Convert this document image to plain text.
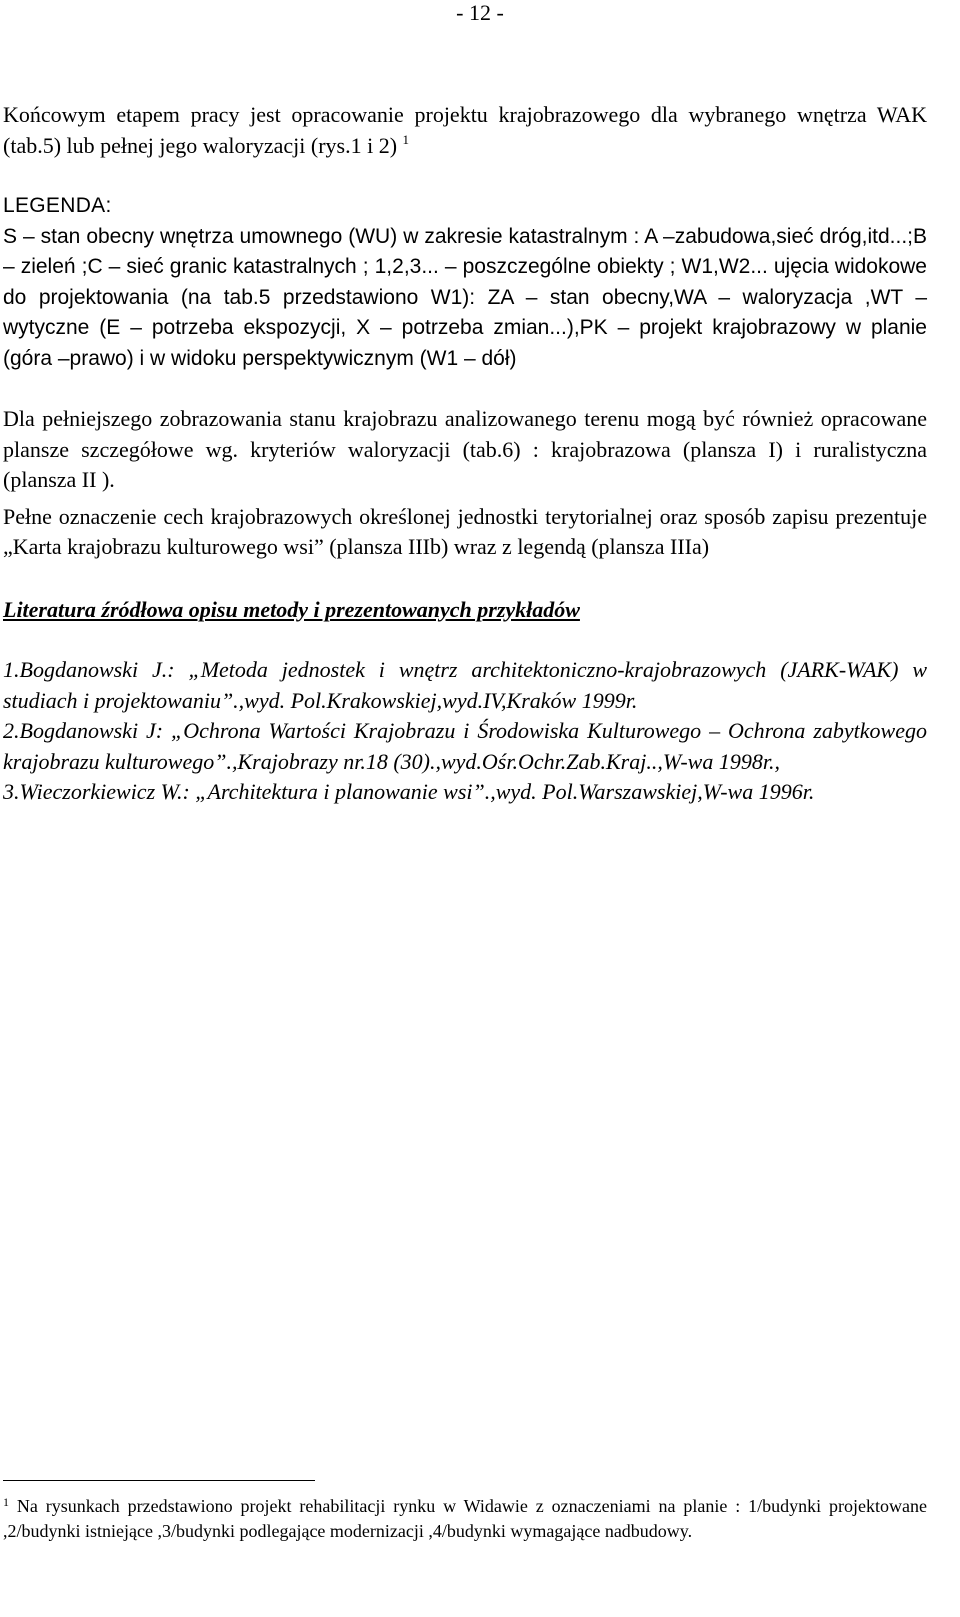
- 12 -

Końcowym etapem pracy jest opracowanie projektu krajobrazowego dla wybranego wnętrza WAK (tab.5) lub pełnej jego waloryzacji (rys.1 i 2) $^1$

LEGENDA:

S – stan obecny wnętrza umownego (WU) w zakresie katastralnym : A –zabudowa,sieć dróg,itd...;B – zieleń ;C – sieć granic katastralnych ; 1,2,3... – poszczególne obiekty ; W1,W2... ujęcia widokowe do projektowania (na tab.5 przedstawiono W1): ZA – stan obecny,WA – waloryzacja ,WT – wytyczne (E – potrzeba ekspozycji, X – potrzeba zmian...),PK – projekt krajobrazowy w planie (góra –prawo) i w widoku perspektywicznym (W1 – dół)

Dla pełniejszego zobrazowania stanu krajobrazu analizowanego terenu mogą być również opracowane plansze szczegółowe wg. kryteriów waloryzacji (tab.6) : krajobrazowa (plansza I) i ruralistyczna (plansza II ).

Pełne oznaczenie cech krajobrazowych określonej jednostki terytorialnej oraz sposób zapisu prezentuje „Karta krajobrazu kulturowego wsi” (plansza IIIb) wraz z legendą (plansza IIIa)

Literatura źródłowa opisu metody i prezentowanych przykładów

1.Bogdanowski J.: „Metoda jednostek i wnętrz architektoniczno-krajobrazowych (JARK-WAK) w studiach i projektowaniu”.,wyd. Pol.Krakowskiej,wyd.IV,Kraków 1999r.

2.Bogdanowski J: „Ochrona Wartości Krajobrazu i Środowiska Kulturowego – Ochrona zabytkowego krajobrazu kulturowego”.,Krajobrazy nr.18 (30).,wyd.Ośr.Ochr.Zab.Kraj..,W-wa 1998r.,

3.Wieczorkiewicz W.: „Architektura i planowanie wsi”.,wyd. Pol.Warszawskiej,W-wa 1996r.

$^1$ Na rysunkach przedstawiono projekt rehabilitacji rynku w Widawie z oznaczeniami na planie : 1/budynki projektowane ,2/budynki istniejące ,3/budynki podlegające modernizacji ,4/budynki wymagające nadbudowy.
